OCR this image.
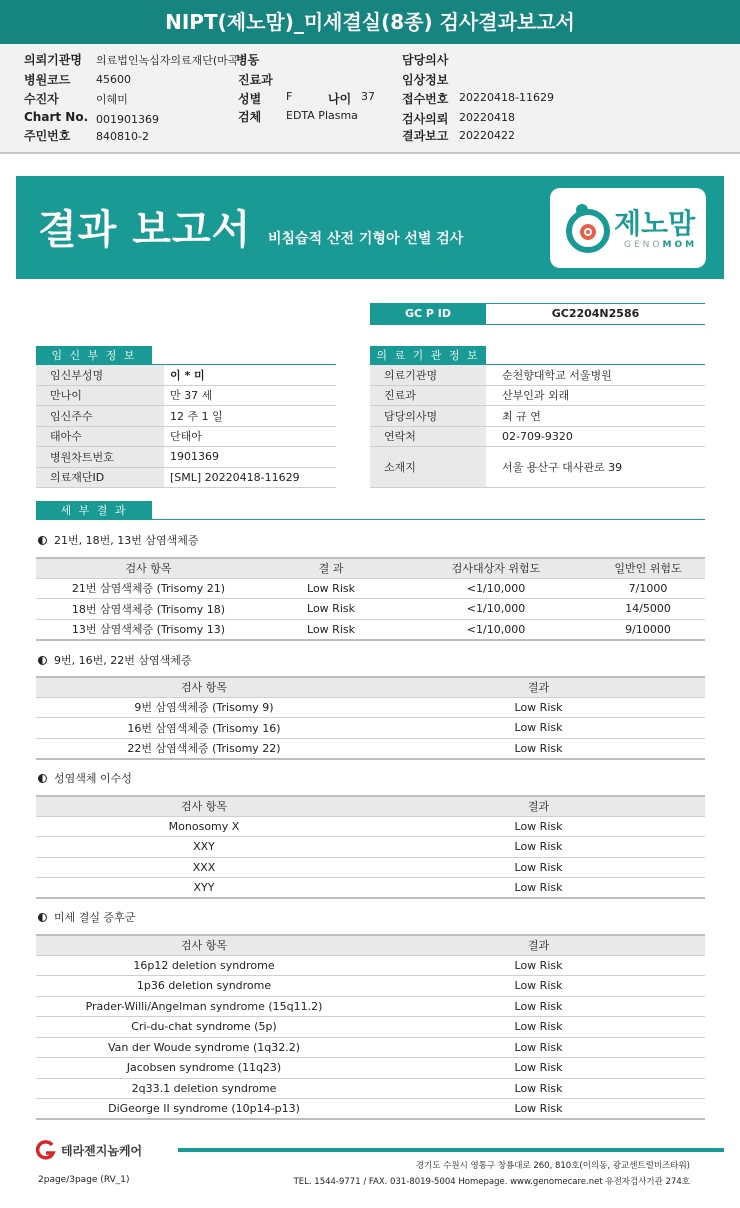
NIPT(제노맘)_미세결실(8종) 검사결과보고서
의뢰기관명 의료법인녹십자의료재단(마곡
병동	담당의사
병원코드 45600	진료과	임상정보
수진자	이혜미	성별 F	나이 37 접수번호 20220418-11629
Chart No. 001901369	검체 EDTA Plasma	검사의뢰 20220418
주민번호 840810-2	결과보고 20220422
결과 보고서 비침습적 산전 기형아 선별 검사	제노맘
GENOMOM
GC P ID	GC2204N2586
임 신 부 정 보	의 료 기 관 정 보
임신부성명	이 * 미
만나이	만 37 세
임신주수	12 주 1 일
태아수	단태아
병원차트번호	1901369
의료재단ID	[SML] 20220418-11629
의료기관명	순천향대학교 서울병원
진료과	산부인과 외래
담당의사명	최 규 연
연락처	02-709-9320
소재지	서울 용산구 대사관로 39
세 부 결 과
21번, 18번, 13번 삼염색체증
검사 항목	결 과	검사대상자 위험도	일반인 위험도
21번 삼염색체증 (Trisomy 21)	Low Risk	<1/10,000	7/1000
18번 삼염색체증 (Trisomy 18)	Low Risk	<1/10,000	14/5000
13번 삼염색체증 (Trisomy 13)	Low Risk	<1/10,000	9/10000
9번, 16번, 22번 삼염색체증
검사 항목	결과
9번 삼염색체증 (Trisomy 9)	Low Risk
16번 삼염색체증 (Trisomy 16)	Low Risk
22번 삼염색체증 (Trisomy 22)	Low Risk
성염색체 이수성
검사 항목	결과
Monosomy X	Low Risk
XXY	Low Risk
XXX	Low Risk
XYY	Low Risk
미세 결실 증후군
검사 항목	결과
16p12 deletion syndrome	Low Risk
1p36 deletion syndrome	Low Risk
Prader-Willi/Angelman syndrome (15q11.2)	Low Risk
Cri-du-chat syndrome (5p)	Low Risk
Van der Woude syndrome (1q32.2)	Low Risk
Jacobsen syndrome (11q23)	Low Risk
2q33.1 deletion syndrome	Low Risk
DiGeorge II syndrome (10p14-p13)	Low Risk
테라젠지놈케어
2page/3page (RV_1)
경기도 수원시 영통구 창룡대로 260, 810호(이의동, 광교센트럴비즈타워)
TEL. 1544-9771 / FAX. 031-8019-5004 Homepage. www.genomecare.net 유전자검사기관 274호
